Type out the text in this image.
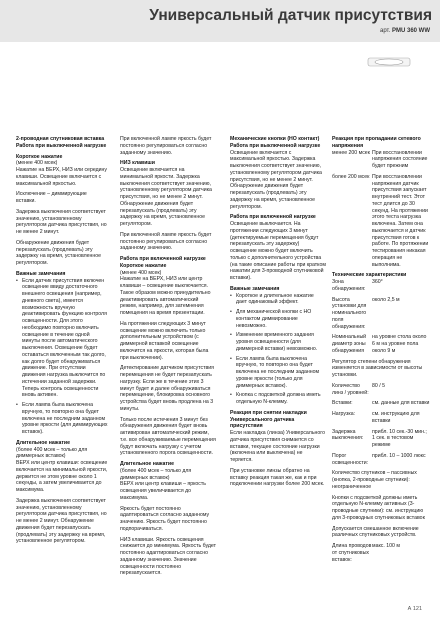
Универсальный датчик присутствия
арт. PMU 360 WW
2-проводная спутниковая вставка
Работа при выключенной нагрузке
Короткое нажатие
(менее 400 мсек)
Нажатие на ВЕРХ, НИЗ или середину клавиши. Освещение включается с максимальной яркостью.
Исключение – диммирующие вставки.
Задержка выключения соответствует значению, установленному регулятором датчика присутствия, но не менее 2 минут.
Обнаружение движения будет перезапускать (продлевать) эту задержку на время, установленное регулятором.
Важные замечания
• Если датчик присутствия включен освещение ввиду достаточного внешнего освещения (например, дневного света), имеется возможность вручную деактивировать функцию контроля освещенности. Для этого необходимо повторно включить освещение в течение одной минуты после автоматического выключения. Освещение будет оставаться включенным так долго, как долго будет обнаруживаться движение. При отсутствии движения нагрузка выключится по истечении заданной задержки. Теперь контроль освещенности вновь активен.
• Если лампа была выключена вручную, то повторно она будет включена не последним заданном уровне яркости (для диммирующих вставок).
Длительное нажатие
(более 400 мсек – только для диммерных вставок)
ВЕРХ или центр клавиши: освещение включается на минимальной яркости, держится не этом уровне около 1 секунды, а затем увеличивается до максимума.
Задержка выключения соответствует значению, установленному регулятором датчика присутствия, но не менее 2 минут. Обнаружение движения будет перезапускать (продлевать) эту задержку на время, установленное регулятором.
При включенной лампе яркость будет постоянно регулироваться согласно заданному значению.
НИЗ клавиши
Освещение включается на минимальной яркости. Задержка выключения соответствует значению, установленному регулятором датчика присутствия, но не менее 2 минут. Обнаружение движения будет перезапускать (продлевать) эту задержку на время, установленное регулятором.
При включенной лампе яркость будет постоянно регулироваться согласно заданному значению.
Работа при включенной нагрузке
Короткое нажатие
(менее 400 мсек)
Нажатие на ВЕРХ, НИЗ или центр клавиши – освещение выключается. Такое образом можно принудительно деактивировать автоматический режим, например, для затемнения помещения на время презентации.
На протяжении следующих 3 минут освещение можно включить только дополнительным устройством (с диммерной вставкой освещение включится на яркости, которая была при выключении).
Детектирование датчиком присутствия перемещения не будет перезапускать нагрузку. Если же в течение этих 3 минут будет и далее обнаруживаться перемещение, блокировка основного устройства будет вновь продлена на 3 минуты.
Только после истечения 3 минут без обнаружения движения будет вновь активирован автоматический режим, т.е. все обнаруживаемые перемещения будут включать нагрузку с учетом установленного порога освещенности.
Длительное нажатие
(более 400 мсек – только для диммерных вставок)
ВЕРХ или центр клавиши – яркость освещения увеличивается до максимума.
Яркость будет постоянно адаптироваться согласно заданному значению. Яркость будет постоянно подпорачиваться.
НИЗ клавиши. Яркость освещения снижается до минимума. Яркость будет постоянно адаптироваться согласно заданному значению. Значение освещенности постоянно перезапускается.
Механические кнопки (НО контакт)
Работа при выключенной нагрузке
Освещение включается с максимальной яркостью. Задержка выключения соответствует значению, установленному регулятором датчика присутствия, но не менее 2 минут. Обнаружение движения будет перезапускать (продлевать) эту задержку на время, установленное регулятором.
Работа при включенной нагрузке
Освещение выключается. На протяжении следующих 3 минут (детектируемые перемещения будут перезапускать эту задержку) освещение можно будет включить только с дополнительного устройства (на такие описание работы при кратком нажатии для 3-проводной спутниковой вставки).
Важные замечания
• Короткое и длительное нажатие дает одинаковый эффект.
• Для механической кнопки с НО контактом диммирование невозможно.
• Изменение временного задания уровня освещенности (для диммерной вставки) невозможно.
• Если лампа была выключена вручную, то повторно она будет включена не последним заданном уровне яркости (только для диммерных вставок).
• Кнопка с подсветкой должна иметь отдельную N-клемму.
Реакция при снятии накладки Универсального датчика присутствия
Если накладка (линза) Универсального датчика присутствия снимается со вставки, текущее состояние нагрузки (включена или выключена) не теряется.
При установке линзы обратно на вставку реакция такая же, как и при подключении нагрузки более 200 мсек.
Реакция при пропадании сетевого напряжения
менее 200 мсек При восстановлении напряжения состояние будет прежним
более 200 мсек При восстановлении напряжения датчик присутствия запускает внутренний тест. Этот тест длится до 30 секунд. На протяжении этого теста нагрузка включена. Затем она выключается и датчик присутствия готов к работе. По протяжении тестирования никакая операция не выполнима.
Технические характеристики
Зона обнаружения:
360°
Высота установки для номинального поля обнаружения:
около 2,5 м
Номинальный диаметр зоны обнаружения
на уровне стола около 6 м на уровне пола около 9 м
Регулятор степени обнаружения изменяется в зависимости от высоты установки.
Количество линз / уровней:
80 / 5
Вставки:	см. данные для вставки
Нагрузка:	см. инструкцию для вставки
Задержка выключения:
прибл. 10 сек.-30 мин.; 1 сек. в тестовом режиме
Порог освещенности:
прибл. 10 – 1000 люкс
Количество спутников – пассивных (кнопка, 2-проводные спутники): неограниченное
Кнопки с подсветкой должны иметь отдельную N-клемму активных (3-проводные спутники): см. инструкцию для 3-проводных спутниковых вставок
Допускается смешанное включение различных спутниковых устройств.
Длина проводов от спутниковых вставок:
макс. 100 м
А 121
